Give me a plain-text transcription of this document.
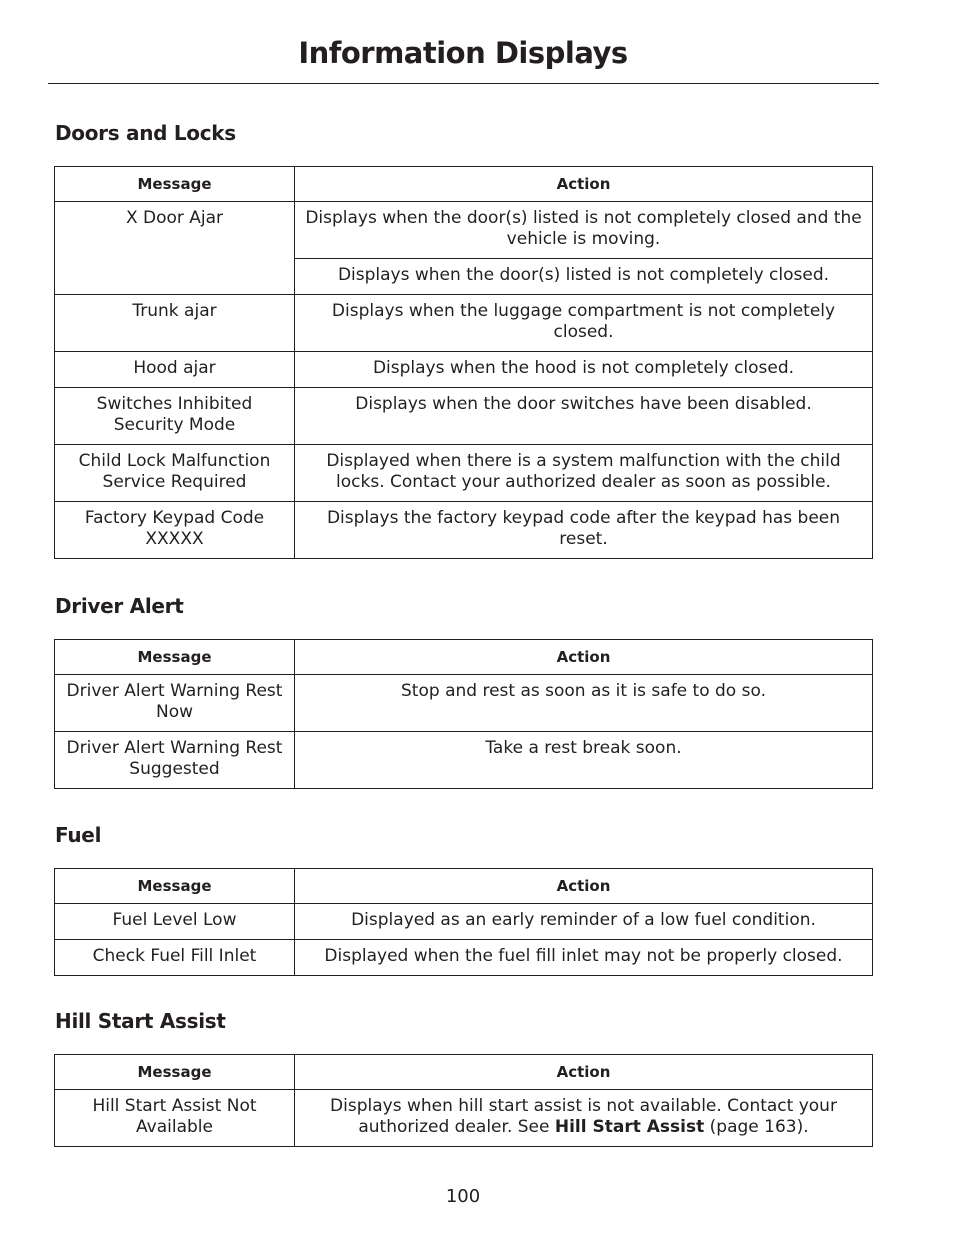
Information Displays
Doors and Locks
Message	Action
X Door Ajar	Displays when the door(s) listed is not completely closed and the vehicle is moving.
	Displays when the door(s) listed is not completely closed.
Trunk ajar	Displays when the luggage compartment is not completely closed.
Hood ajar	Displays when the hood is not completely closed.
Switches Inhibited Security Mode	Displays when the door switches have been disabled.
Child Lock Malfunction Service Required	Displayed when there is a system malfunction with the child locks. Contact your authorized dealer as soon as possible.
Factory Keypad Code XXXXX	Displays the factory keypad code after the keypad has been reset.
Driver Alert
Message	Action
Driver Alert Warning Rest Now	Stop and rest as soon as it is safe to do so.
Driver Alert Warning Rest Suggested	Take a rest break soon.
Fuel
Message	Action
Fuel Level Low	Displayed as an early reminder of a low fuel condition.
Check Fuel Fill Inlet	Displayed when the fuel fill inlet may not be properly closed.
Hill Start Assist
Message	Action
Hill Start Assist Not Available	Displays when hill start assist is not available. Contact your authorized dealer. See Hill Start Assist (page 163).
100
